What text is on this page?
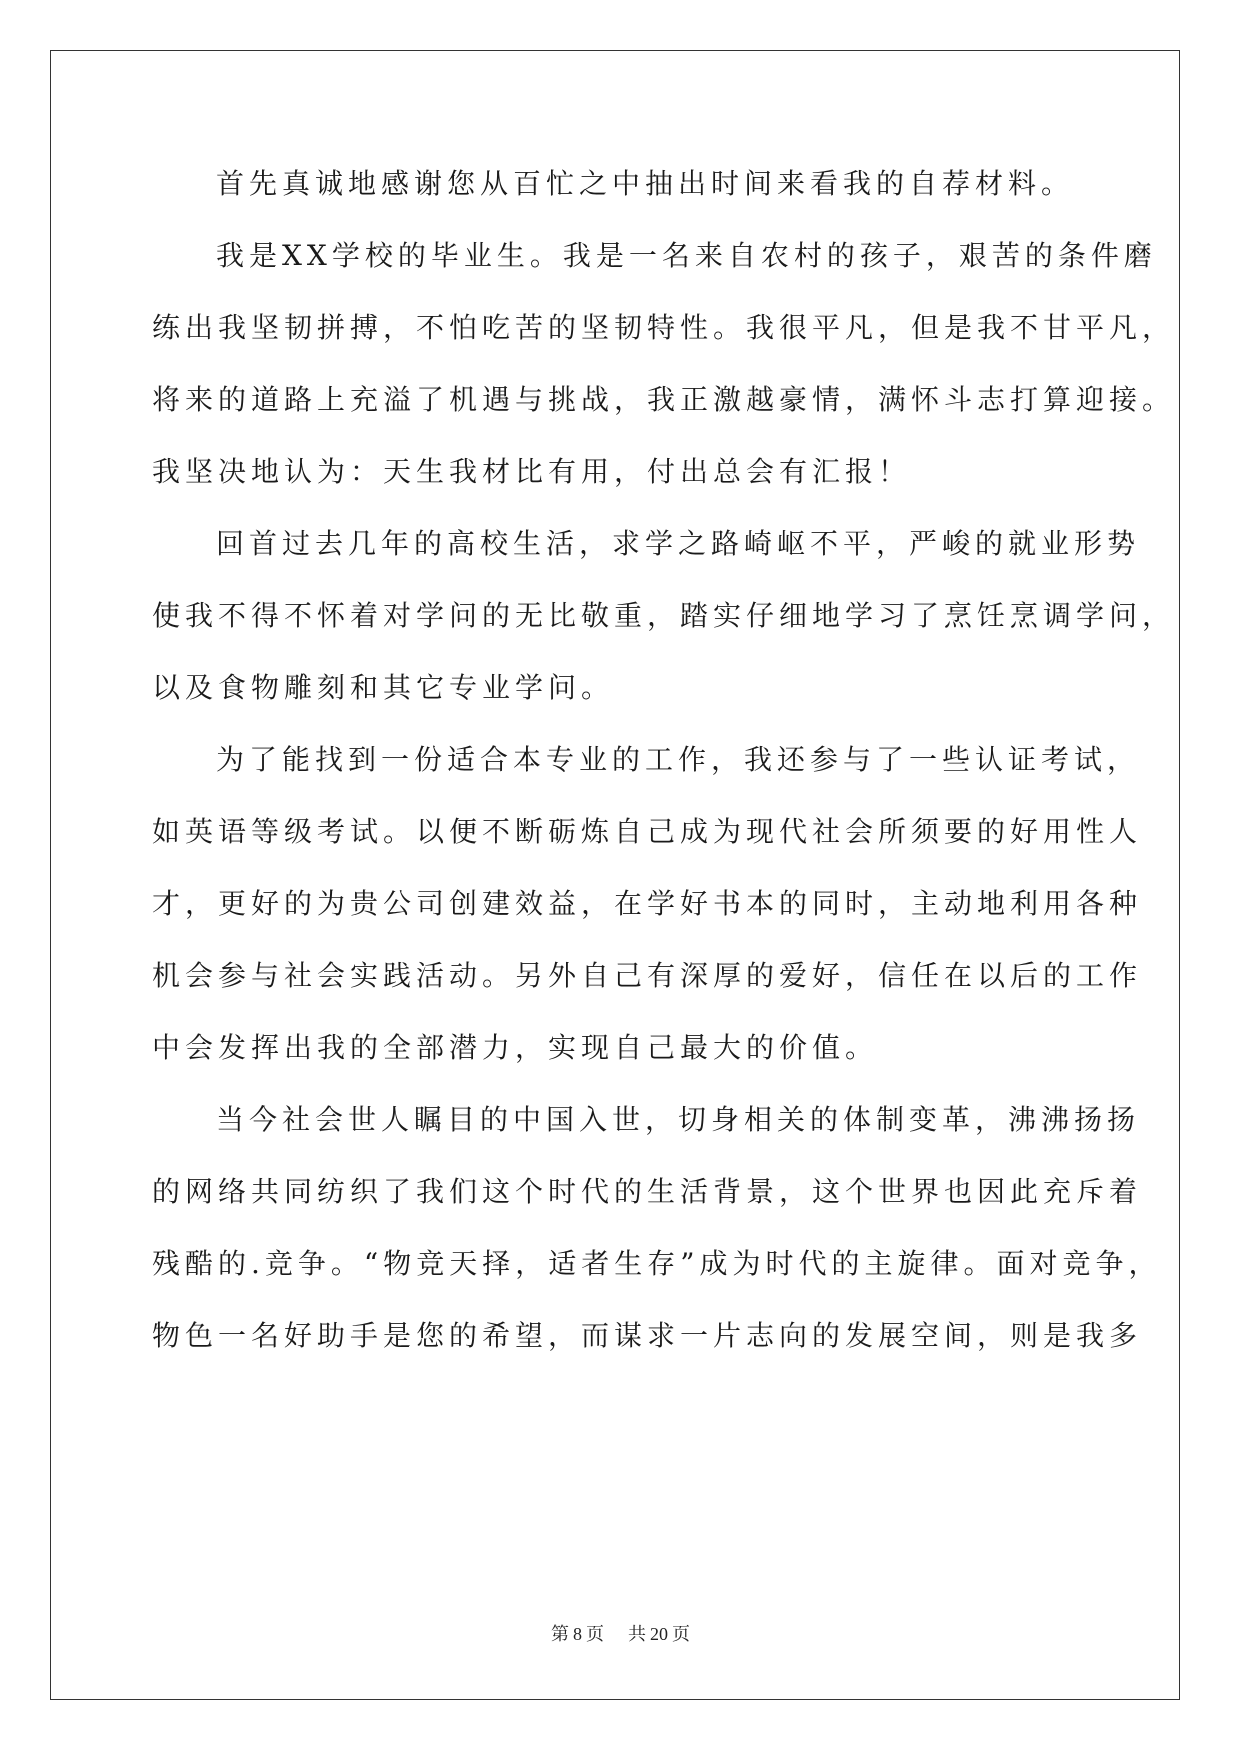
首先真诚地感谢您从百忙之中抽出时间来看我的自荐材料。

我是XX学校的毕业生。我是一名来自农村的孩子，艰苦的条件磨
练出我坚韧拼搏，不怕吃苦的坚韧特性。我很平凡，但是我不甘平凡，
将来的道路上充溢了机遇与挑战，我正激越豪情，满怀斗志打算迎接。
我坚决地认为：天生我材比有用，付出总会有汇报！

回首过去几年的高校生活，求学之路崎岖不平，严峻的就业形势
使我不得不怀着对学问的无比敬重，踏实仔细地学习了烹饪烹调学问，
以及食物雕刻和其它专业学问。

为了能找到一份适合本专业的工作，我还参与了一些认证考试，
如英语等级考试。以便不断砺炼自己成为现代社会所须要的好用性人
才，更好的为贵公司创建效益，在学好书本的同时，主动地利用各种
机会参与社会实践活动。另外自己有深厚的爱好，信任在以后的工作
中会发挥出我的全部潜力，实现自己最大的价值。

当今社会世人瞩目的中国入世，切身相关的体制变革，沸沸扬扬
的网络共同纺织了我们这个时代的生活背景，这个世界也因此充斥着
残酷的.竞争。“物竞天择，适者生存”成为时代的主旋律。面对竞争，
物色一名好助手是您的希望，而谋求一片志向的发展空间，则是我多

第 8 页 共 20 页
